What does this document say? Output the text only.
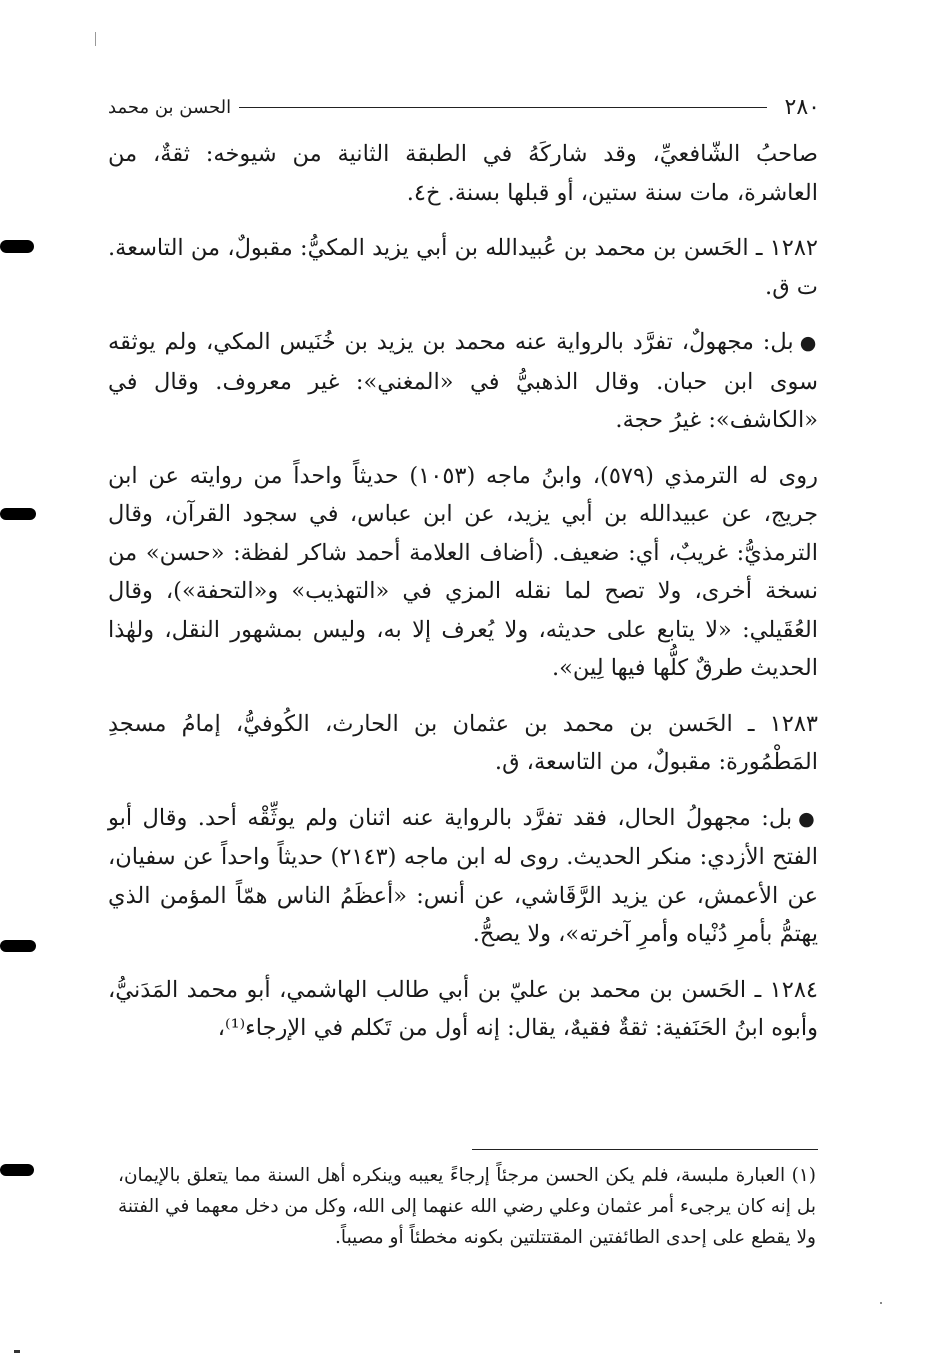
٢٨٠
الحسن بن محمد

صاحبُ الشّافعيِّ، وقد شاركَهُ في الطبقة الثانية من شيوخه: ثقةٌ، من العاشرة، مات سنة ستين، أو قبلها بسنة. خ٤.

١٢٨٢ ـ الحَسن بن محمد بن عُبيدالله بن أبي يزيد المكيُّ: مقبولٌ، من التاسعة. ت ق.

● بل: مجهولٌ، تفرَّد بالرواية عنه محمد بن يزيد بن خُنَيس المكي، ولم يوثقه سوى ابن حبان. وقال الذهبيُّ في «المغني»: غير معروف. وقال في «الكاشف»: غيرُ حجة.

روى له الترمذي (٥٧٩)، وابنُ ماجه (١٠٥٣) حديثاً واحداً من روايته عن ابن جريج، عن عبيدالله بن أبي يزيد، عن ابن عباس، في سجود القرآن، وقال الترمذيُّ: غريبٌ، أي: ضعيف. (أضاف العلامة أحمد شاكر لفظة: «حسن» من نسخة أخرى، ولا تصح لما نقله المزي في «التهذيب» و«التحفة»)، وقال العُقَيلي: «لا يتابع على حديثه، ولا يُعرف إلا به، وليس بمشهور النقل، ولهٰذا الحديث طرقٌ كلُّها فيها لِين».

١٢٨٣ ـ الحَسن بن محمد بن عثمان بن الحارث، الكُوفيُّ، إمامُ مسجدِ المَطْمُورة: مقبولٌ، من التاسعة، ق.

● بل: مجهولُ الحال، فقد تفرَّد بالرواية عنه اثنان ولم يوثِّقْه أحد. وقال أبو الفتح الأزدي: منكر الحديث. روى له ابن ماجه (٢١٤٣) حديثاً واحداً عن سفيان، عن الأعمش، عن يزيد الرَّقَاشي، عن أنس: «أعظَمُ الناس همّاً المؤمن الذي يهتمُّ بأمرِ دُنْياه وأمرِ آخرته»، ولا يصحُّ.

١٢٨٤ ـ الحَسن بن محمد بن عليّ بن أبي طالب الهاشمي، أبو محمد المَدَنيُّ، وأبوه ابنُ الحَنَفية: ثقةٌ فقيهٌ، يقال: إنه أول من تَكلم في الإرجاء⁽¹⁾،

(١) العبارة ملبسة، فلم يكن الحسن مرجئاً إرجاءً يعيبه وينكره أهل السنة مما يتعلق بالإيمان، بل إنه كان يرجىء أمر عثمان وعلي رضي الله عنهما إلى الله، وكل من دخل معهما في الفتنة ولا يقطع على إحدى الطائفتين المقتتلتين بكونه مخطئاً أو مصيباً.
